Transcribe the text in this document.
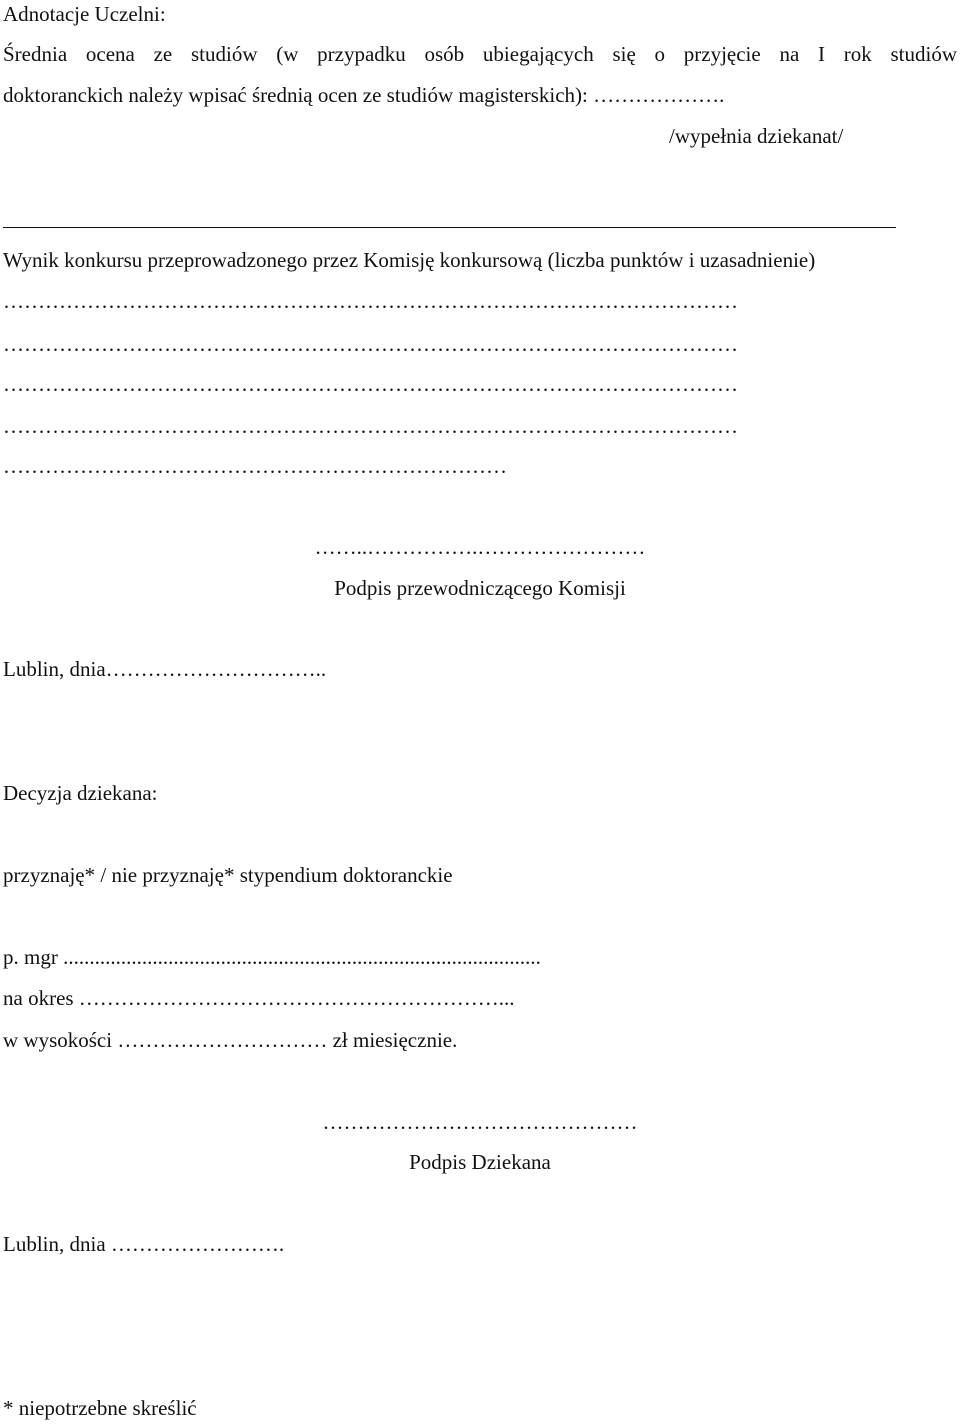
Adnotacje Uczelni:
Średnia ocena ze studiów (w przypadku osób ubiegających się o przyjęcie na I rok studiów
doktoranckich należy wpisać średnią ocen ze studiów magisterskich): ……………….
/wypełnia dziekanat/
Wynik konkursu przeprowadzonego przez Komisję konkursową (liczba punktów i uzasadnienie)
……………………………………………………………………………………………
……………………………………………………………………………………………
……………………………………………………………………………………………
……………………………………………………………………………………………
………………………………………………………………
……..…………….……………………
Podpis przewodniczącego Komisji
Lublin, dnia…………………………..
Decyzja dziekana:
przyznaję* / nie przyznaję* stypendium doktoranckie
p. mgr ...........................................................................................
na okres ……………………………………………………...
w wysokości ………………………… zł miesięcznie.
………………………………………
Podpis Dziekana
Lublin, dnia …………………….
* niepotrzebne skreślić
